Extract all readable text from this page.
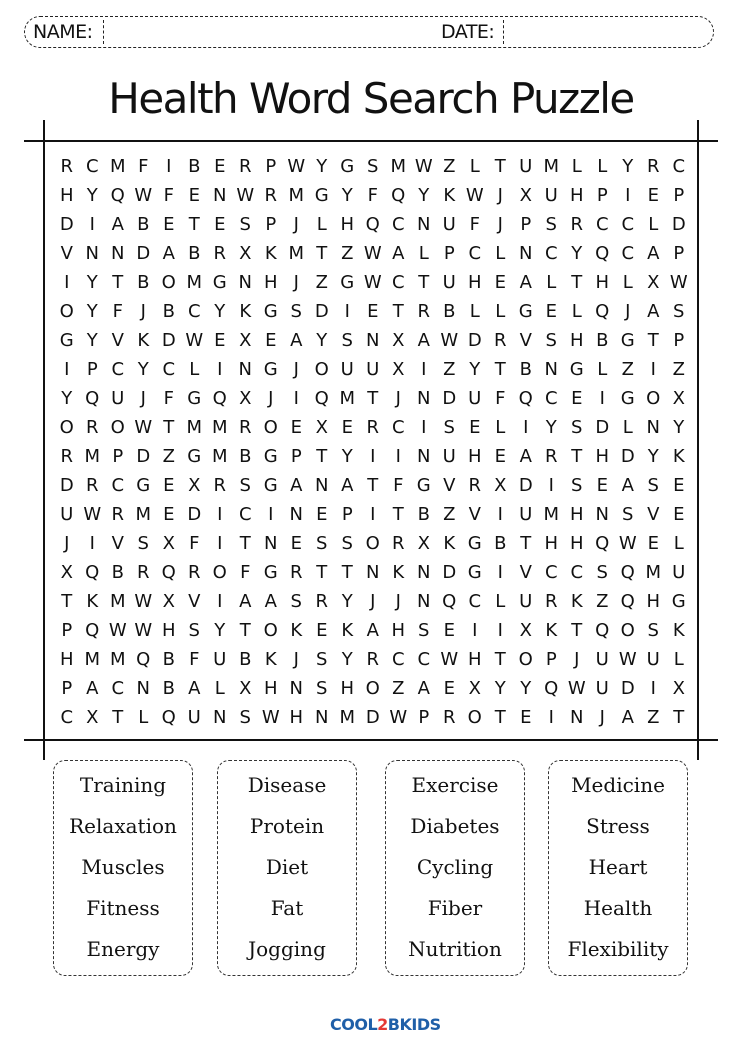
NAME:	DATE:
Health Word Search Puzzle
R C M F I B E R P W Y G S M W Z L T U M L L Y R C
H Y Q W F E N W R M G Y F Q Y K W J X U H P I E P
D I A B E T E S P J L H Q C N U F J P S R C C L D
V N N D A B R X K M T Z W A L P C L N C Y Q C A P
I Y T B O M G N H J Z G W C T U H E A L T H L X W
O Y F J B C Y K G S D I E T R B L L G E L Q J A S
G Y V K D W E X E A Y S N X A W D R V S H B G T P
I P C Y C L I N G J O U U X I Z Y T B N G L Z I Z
Y Q U J F G Q X J	I Q M T J N D U F Q C E I G O X
O R O W T M M R O E X E R C I S E L I Y S D L N Y
R M P D Z G M B G P T Y I	I N U H E A R T H D Y K
D R C G E X R S G A N A T F G V R X D I S E A S E
U W R M E D I C I N E P I T B Z V I U M H N S V E
J	I V S X F I T N E S S O R X K G B T H H Q W E L
X Q B R Q R O F G R T T N K N D G I V C C S Q M U
T K M W X V I A A S R Y J	J N Q C L U R K Z Q H G
P Q W W H S Y T O K E K A H S E I	I X K T Q O S K
H M M Q B F U B K J S Y R C C W H T O P J U W U L
P A C N B A L X H N S H O Z A E X Y Y Q W U D I X
C X T L Q U N S W H N M D W P R O T E I N J A Z T
Training
Relaxation
Muscles
Fitness
Energy
Disease
Protein
Diet
Fat
Jogging
Exercise
Diabetes
Cycling
Fiber
Nutrition
Medicine
Stress
Heart
Health
Flexibility
COOL2BKIDS
